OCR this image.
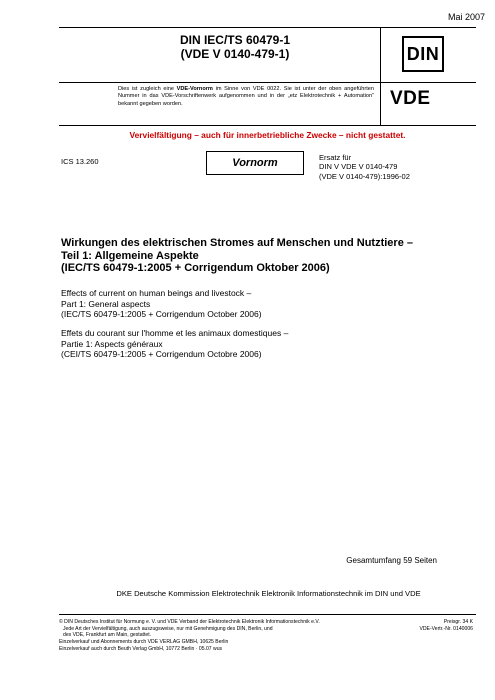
Mai 2007
DIN IEC/TS 60479-1
(VDE V 0140-479-1)	DIN
Dies ist zugleich eine VDE-Vornorm im Sinne von VDE 0022. Sie ist unter der oben angeführten Nummer in das VDE-Vorschriftenwerk aufgenommen und in der „etz Elektrotechnik + Automation“ bekannt gegeben worden.	VDE
Vervielfältigung – auch für innerbetriebliche Zwecke – nicht gestattet.
ICS 13.260	Vornorm	Ersatz für
DIN V VDE V 0140-479
(VDE V 0140-479):1996-02
Wirkungen des elektrischen Stromes auf Menschen und Nutztiere –
Teil 1: Allgemeine Aspekte
(IEC/TS 60479-1:2005 + Corrigendum Oktober 2006)
Effects of current on human beings and livestock –
Part 1: General aspects
(IEC/TS 60479-1:2005 + Corrigendum October 2006)
Effets du courant sur l'homme et les animaux domestiques –
Partie 1: Aspects généraux
(CEI/TS 60479-1:2005 + Corrigendum Octobre 2006)
Gesamtumfang 59 Seiten
DKE Deutsche Kommission Elektrotechnik Elektronik Informationstechnik im DIN und VDE
© DIN Deutsches Institut für Normung e. V. und VDE Verband der Elektrotechnik Elektronik Informationstechnik e.V.
Jede Art der Vervielfältigung, auch auszugsweise, nur mit Genehmigung des DIN, Berlin, und
des VDE, Frankfurt am Main, gestattet.
Einzelverkauf und Abonnements durch VDE VERLAG GMBH, 10625 Berlin
Einzelverkauf auch durch Beuth Verlag GmbH, 10772 Berlin · 05.07 wus
Preisgr. 34 K
VDE-Vertr.-Nr. 0140006
